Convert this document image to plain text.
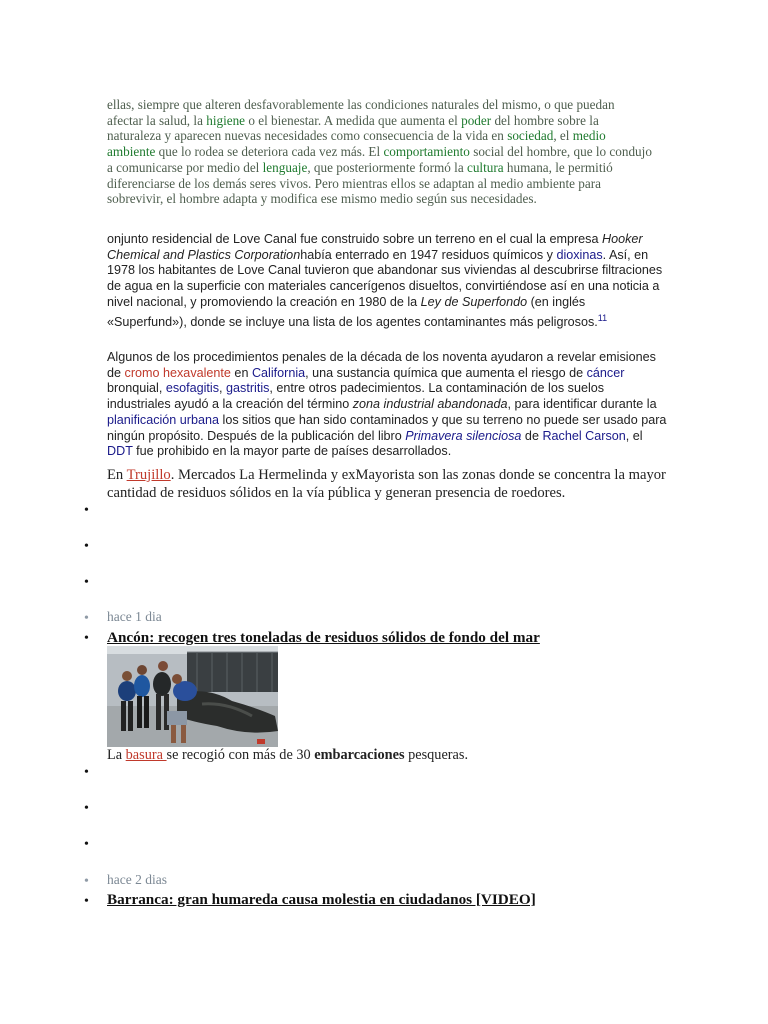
ellas, siempre que alteren desfavorablemente las condiciones naturales del mismo, o que puedan afectar la salud, la higiene o el bienestar. A medida que aumenta el poder del hombre sobre la naturaleza y aparecen nuevas necesidades como consecuencia de la vida en sociedad, el medio ambiente que lo rodea se deteriora cada vez más. El comportamiento social del hombre, que lo condujo a comunicarse por medio del lenguaje, que posteriormente formó la cultura humana, le permitió diferenciarse de los demás seres vivos. Pero mientras ellos se adaptan al medio ambiente para sobrevivir, el hombre adapta y modifica ese mismo medio según sus necesidades.
onjunto residencial de Love Canal fue construido sobre un terreno en el cual la empresa Hooker Chemical and Plastics Corporationhabía enterrado en 1947 residuos químicos y dioxinas. Así, en 1978 los habitantes de Love Canal tuvieron que abandonar sus viviendas al descubrirse filtraciones de agua en la superficie con materiales cancerígenos disueltos, convirtiéndose así en una noticia a nivel nacional, y promoviendo la creación en 1980 de la Ley de Superfondo (en inglés «Superfund»), donde se incluye una lista de los agentes contaminantes más peligrosos.$^{11}$
Algunos de los procedimientos penales de la década de los noventa ayudaron a revelar emisiones de cromo hexavalente en California, una sustancia química que aumenta el riesgo de cáncer bronquial, esofagitis, gastritis, entre otros padecimientos. La contaminación de los suelos industriales ayudó a la creación del término zona industrial abandonada, para identificar durante la planificación urbana los sitios que han sido contaminados y que su terreno no puede ser usado para ningún propósito. Después de la publicación del libro Primavera silenciosa de Rachel Carson, el DDT fue prohibido en la mayor parte de países desarrollados.
En Trujillo. Mercados La Hermelinda y exMayorista son las zonas donde se concentra la mayor cantidad de residuos sólidos en la vía pública y generan presencia de roedores.
•
•
•
• hace 1 dia
• Ancón: recogen tres toneladas de residuos sólidos de fondo del mar
La basura se recogió con más de 30 embarcaciones pesqueras.
•
•
•
• hace 2 dias
• Barranca: gran humareda causa molestia en ciudadanos [VIDEO]
